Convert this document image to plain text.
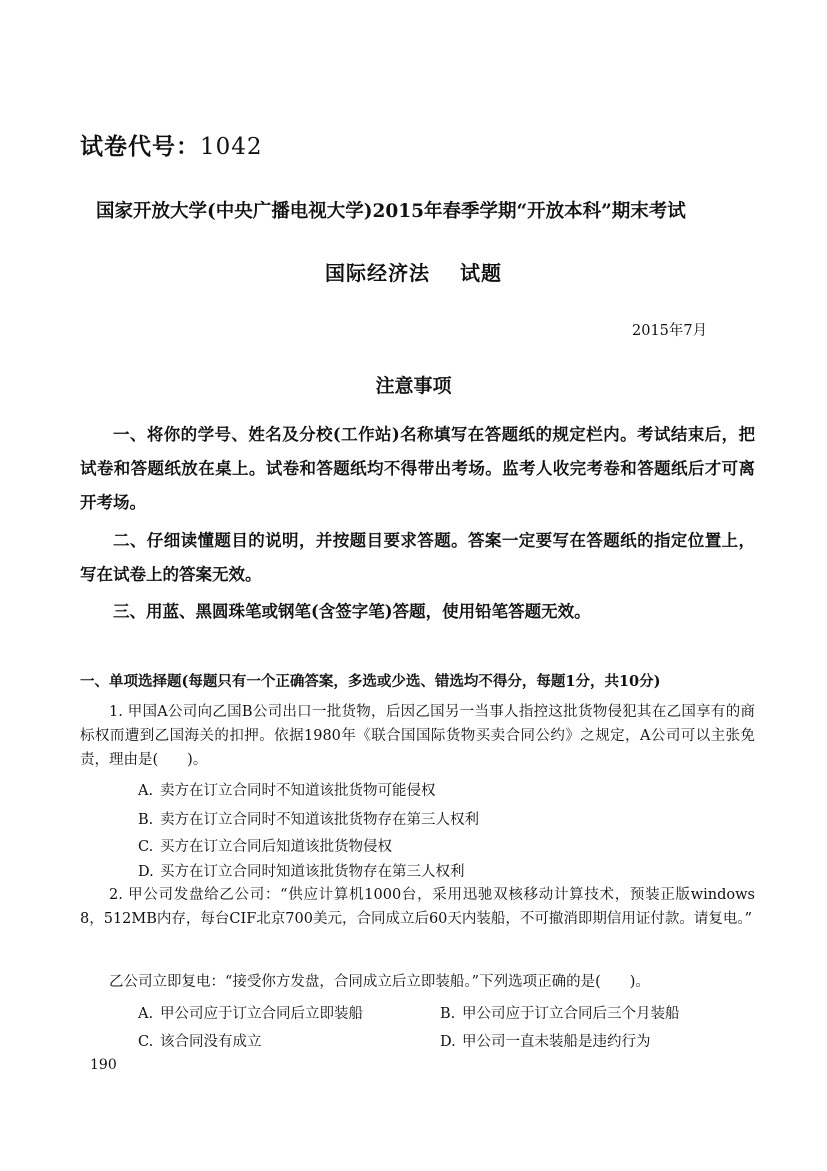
试卷代号：1042
国家开放大学(中央广播电视大学)2015年春季学期“开放本科”期末考试
国际经济法 试题
2015年7月
注意事项

一、将你的学号、姓名及分校(工作站)名称填写在答题纸的规定栏内。考试结束后，把试卷和答题纸放在桌上。试卷和答题纸均不得带出考场。监考人收完考卷和答题纸后才可离开考场。

二、仔细读懂题目的说明，并按题目要求答题。答案一定要写在答题纸的指定位置上，写在试卷上的答案无效。

三、用蓝、黑圆珠笔或钢笔(含签字笔)答题，使用铅笔答题无效。

一、单项选择题(每题只有一个正确答案，多选或少选、错选均不得分，每题1分，共10分)

1. 甲国A公司向乙国B公司出口一批货物，后因乙国另一当事人指控这批货物侵犯其在乙国享有的商标权而遭到乙国海关的扣押。依据1980年《联合国国际货物买卖合同公约》之规定，A公司可以主张免责，理由是(　　)。

A. 卖方在订立合同时不知道该批货物可能侵权
B. 卖方在订立合同时不知道该批货物存在第三人权利
C. 买方在订立合同后知道该批货物侵权
D. 买方在订立合同时知道该批货物存在第三人权利

2. 甲公司发盘给乙公司：“供应计算机1000台，采用迅驰双核移动计算技术，预装正版windows 8，512MB内存，每台CIF北京700美元，合同成立后60天内装船，不可撤消即期信用证付款。请复电。”

乙公司立即复电：“接受你方发盘，合同成立后立即装船。”下列选项正确的是(　　)。

A. 甲公司应于订立合同后立即装船	B. 甲公司应于订立合同后三个月装船
C. 该合同没有成立	D. 甲公司一直未装船是违约行为
190
